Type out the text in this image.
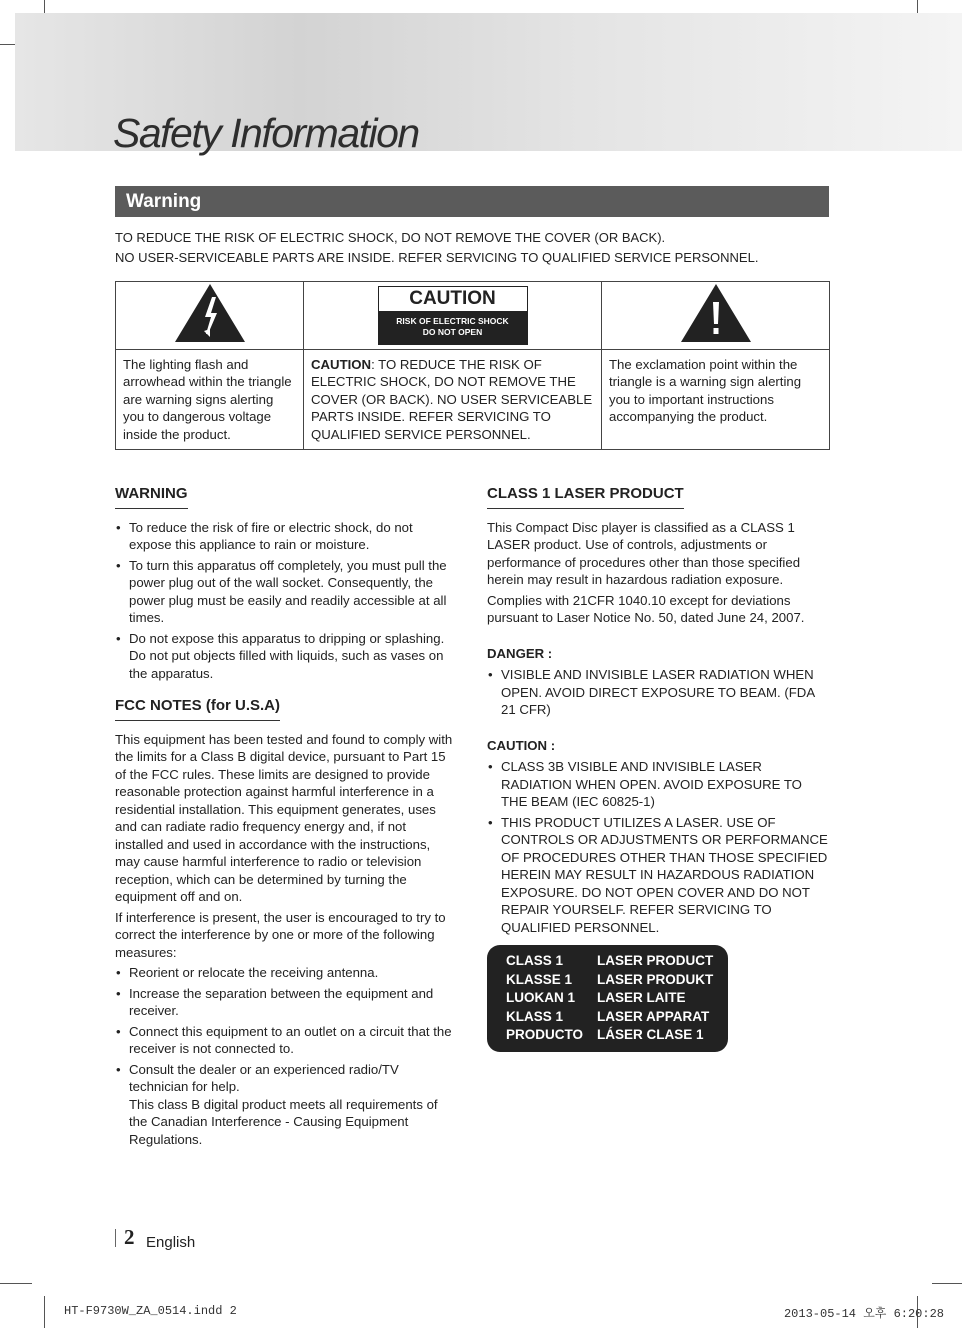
Safety Information
Warning
TO REDUCE THE RISK OF ELECTRIC SHOCK, DO NOT REMOVE THE COVER (OR BACK).
NO USER-SERVICEABLE PARTS ARE INSIDE. REFER SERVICING TO QUALIFIED SERVICE PERSONNEL.

CAUTION
RISK OF ELECTRIC SHOCK
DO NOT OPEN

The lighting flash and arrowhead within the triangle are warning signs alerting you to dangerous voltage inside the product.	CAUTION: TO REDUCE THE RISK OF ELECTRIC SHOCK, DO NOT REMOVE THE COVER (OR BACK). NO USER SERVICEABLE PARTS INSIDE. REFER SERVICING TO QUALIFIED SERVICE PERSONNEL.	The exclamation point within the triangle is a warning sign alerting you to important instructions accompanying the product.
WARNING
• To reduce the risk of fire or electric shock, do not expose this appliance to rain or moisture.
• To turn this apparatus off completely, you must pull the power plug out of the wall socket. Consequently, the power plug must be easily and readily accessible at all times.
• Do not expose this apparatus to dripping or splashing. Do not put objects filled with liquids, such as vases on the apparatus.
FCC NOTES (for U.S.A)

This equipment has been tested and found to comply with the limits for a Class B digital device, pursuant to Part 15 of the FCC rules. These limits are designed to provide reasonable protection against harmful interference in a residential installation. This equipment generates, uses and can radiate radio frequency energy and, if not installed and used in accordance with the instructions, may cause harmful interference to radio or television reception, which can be determined by turning the equipment off and on.

If interference is present, the user is encouraged to try to correct the interference by one or more of the following measures:

• Reorient or relocate the receiving antenna.
• Increase the separation between the equipment and receiver.
• Connect this equipment to an outlet on a circuit that the receiver is not connected to.
• Consult the dealer or an experienced radio/TV technician for help.
This class B digital product meets all requirements of the Canadian Interference - Causing Equipment Regulations.
CLASS 1 LASER PRODUCT

This Compact Disc player is classified as a CLASS 1 LASER product. Use of controls, adjustments or performance of procedures other than those specified herein may result in hazardous radiation exposure.

Complies with 21CFR 1040.10 except for deviations pursuant to Laser Notice No. 50, dated June 24, 2007.

DANGER :
• VISIBLE AND INVISIBLE LASER RADIATION WHEN OPEN. AVOID DIRECT EXPOSURE TO BEAM. (FDA 21 CFR)
CAUTION :
• CLASS 3B VISIBLE AND INVISIBLE LASER RADIATION WHEN OPEN. AVOID EXPOSURE TO THE BEAM (IEC 60825-1)
• THIS PRODUCT UTILIZES A LASER. USE OF CONTROLS OR ADJUSTMENTS OR PERFORMANCE OF PROCEDURES OTHER THAN THOSE SPECIFIED HEREIN MAY RESULT IN HAZARDOUS RADIATION EXPOSURE. DO NOT OPEN COVER AND DO NOT REPAIR YOURSELF. REFER SERVICING TO QUALIFIED PERSONNEL.
CLASS 1	LASER PRODUCT
KLASSE 1	LASER PRODUKT
LUOKAN 1	LASER LAITE
KLASS 1	LASER APPARAT
PRODUCTO	LÁSER CLASE 1
2 English
HT-F9730W_ZA_0514.indd 2	2013-05-14 오후 6:20:28
